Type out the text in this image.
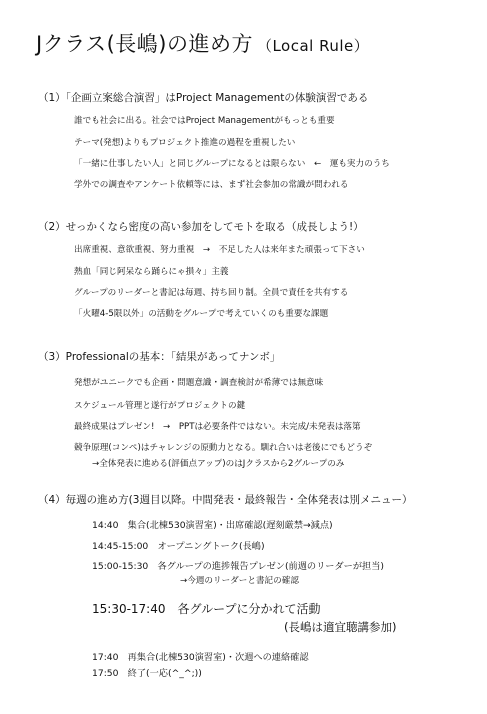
Jクラス(長嶋)の進め方 （Local Rule）
（1）「企画立案総合演習」はProject Managementの体験演習である
誰でも社会に出る。社会ではProject Managementがもっとも重要
テーマ(発想)よりもプロジェクト推進の過程を重視したい
「一緒に仕事したい人」と同じグループになるとは限らない　←　運も実力のうち
学外での調査やアンケート依頼等には、まず社会参加の常識が問われる
（2）せっかくなら密度の高い参加をしてモトを取る（成長しよう!）
出席重視、意欲重視、努力重視　→　不足した人は来年また頑張って下さい
熱血「同じ阿呆なら踊らにゃ損々」主義
グループのリーダーと書記は毎週、持ち回り制。全員で責任を共有する
「火曜4-5限以外」の活動をグループで考えていくのも重要な課題
（3）Professionalの基本：「結果があってナンボ」
発想がユニークでも企画・問題意識・調査検討が希薄では無意味
スケジュール管理と遂行がプロジェクトの鍵
最終成果はプレゼン!　→　PPTは必要条件ではない。未完成/未発表は落第
競争原理(コンペ)はチャレンジの原動力となる。馴れ合いは老後にでもどうぞ
→全体発表に進める(評価点アップ)のはJクラスから2グループのみ
（4）毎週の進め方(3週目以降。中間発表・最終報告・全体発表は別メニュー）
14:40　集合(北棟530演習室)・出席確認(遅刻厳禁→減点)
14:45-15:00　オープニングトーク(長嶋)
15:00-15:30　各グループの進捗報告プレゼン(前週のリーダーが担当)
→今週のリーダーと書記の確認
15:30-17:40　各グループに分かれて活動
(長嶋は適宜聴講参加)
17:40　再集合(北棟530演習室)・次週への連絡確認
17:50　終了(一応(^_^;))
